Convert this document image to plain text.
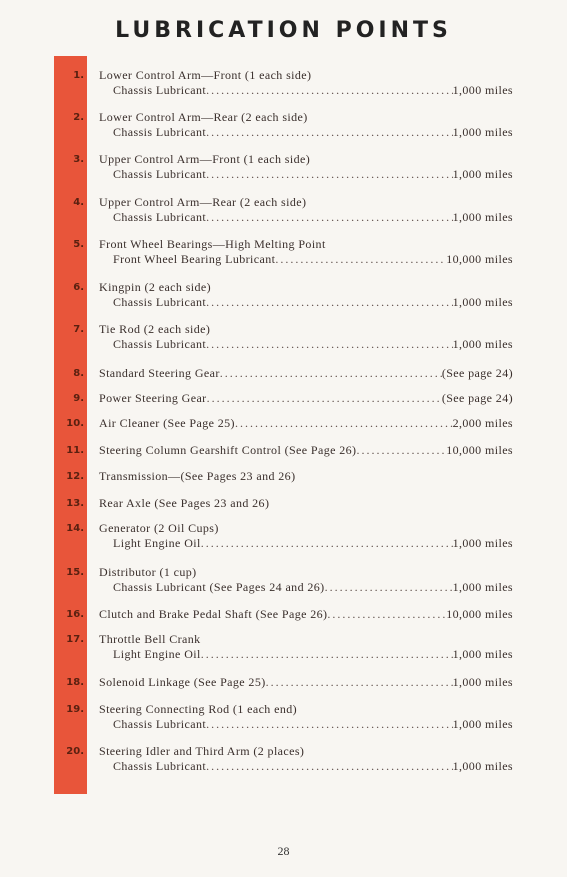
LUBRICATION POINTS
1. Lower Control Arm—Front (1 each side)
Chassis Lubricant .....	1,000 miles
2. Lower Control Arm—Rear (2 each side)
Chassis Lubricant .....	1,000 miles
3. Upper Control Arm—Front (1 each side)
Chassis Lubricant .....	1,000 miles
4. Upper Control Arm—Rear (2 each side)
Chassis Lubricant .....	1,000 miles
5. Front Wheel Bearings—High Melting Point
Front Wheel Bearing Lubricant .....	10,000 miles
6. Kingpin (2 each side)
Chassis Lubricant .....	1,000 miles
7. Tie Rod (2 each side)
Chassis Lubricant .....	1,000 miles
8. Standard Steering Gear .....	(See page 24)
9. Power Steering Gear .....	(See page 24)
10. Air Cleaner (See Page 25) .....	2,000 miles
11. Steering Column Gearshift Control (See Page 26) .....	10,000 miles
12. Transmission—(See Pages 23 and 26)
13. Rear Axle (See Pages 23 and 26)
14. Generator (2 Oil Cups)
Light Engine Oil .....	1,000 miles
15. Distributor (1 cup)
Chassis Lubricant (See Pages 24 and 26) .....	1,000 miles
16. Clutch and Brake Pedal Shaft (See Page 26) .....	10,000 miles
17. Throttle Bell Crank
Light Engine Oil .....	1,000 miles
18. Solenoid Linkage (See Page 25) .....	1,000 miles
19. Steering Connecting Rod (1 each end)
Chassis Lubricant .....	1,000 miles
20. Steering Idler and Third Arm (2 places)
Chassis Lubricant .....	1,000 miles
28
